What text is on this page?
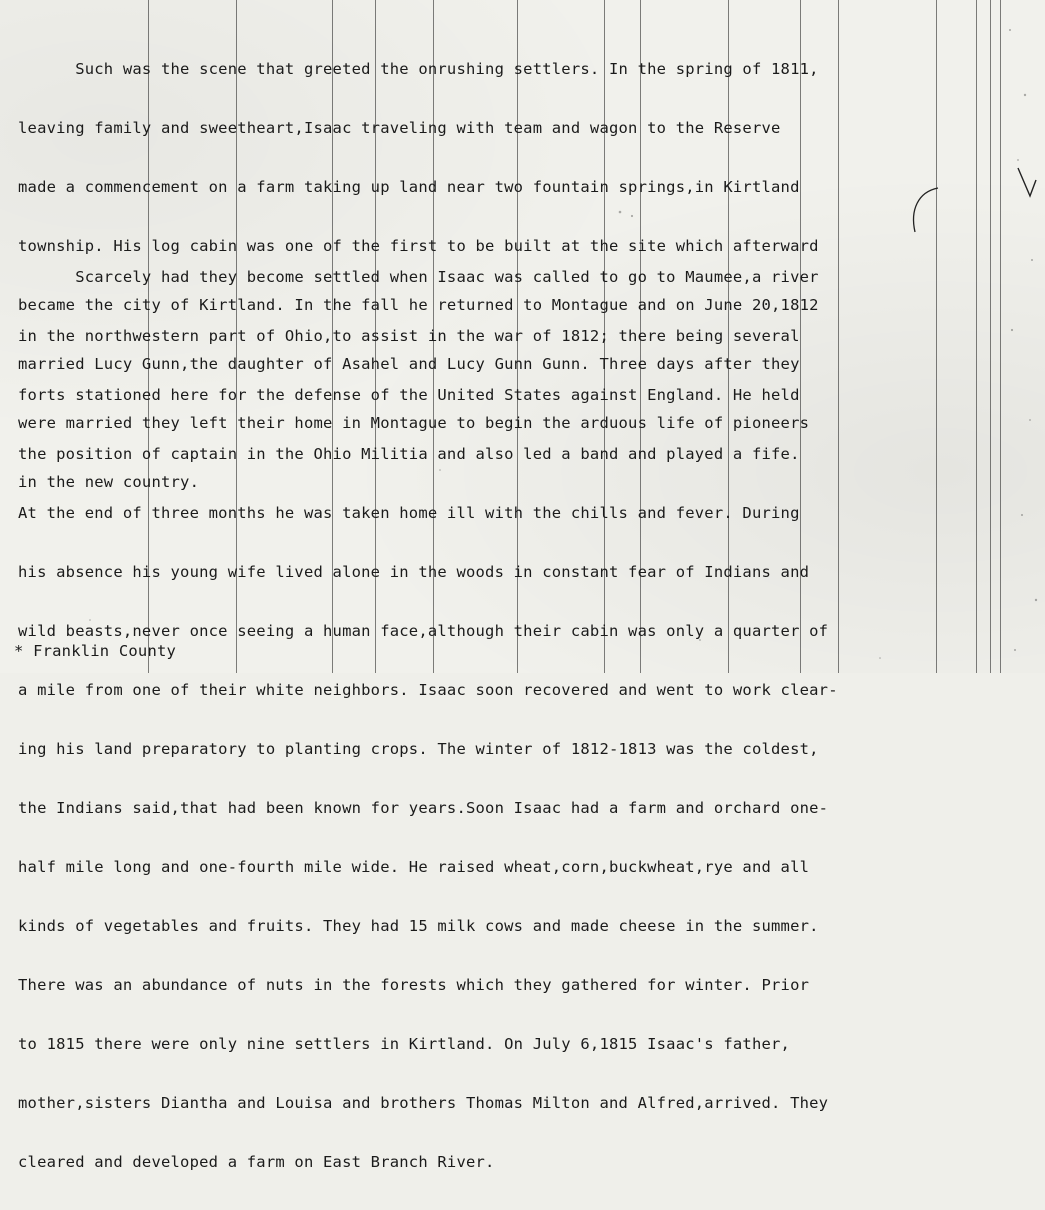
Such was the scene that greeted the onrushing settlers. In the spring of 1811,

leaving family and sweetheart,Isaac traveling with team and wagon to the Reserve

made a commencement on a farm taking up land near two fountain springs,in Kirtland

township. His log cabin was one of the first to be built at the site which afterward

became the city of Kirtland. In the fall he returned to Montague and on June 20,1812

married Lucy Gunn,the daughter of Asahel and Lucy Gunn Gunn. Three days after they

were married they left their home in Montague to begin the arduous life of pioneers

in the new country.

Scarcely had they become settled when Isaac was called to go to Maumee,a river

in the northwestern part of Ohio,to assist in the war of 1812; there being several

forts stationed here for the defense of the United States against England. He held

the position of captain in the Ohio Militia and also led a band and played a fife.

At the end of three months he was taken home ill with the chills and fever. During

his absence his young wife lived alone in the woods in constant fear of Indians and

wild beasts,never once seeing a human face,although their cabin was only a quarter of

a mile from one of their white neighbors. Isaac soon recovered and went to work clear-

ing his land preparatory to planting crops. The winter of 1812-1813 was the coldest,

the Indians said,that had been known for years.Soon Isaac had a farm and orchard one-

half mile long and one-fourth mile wide. He raised wheat,corn,buckwheat,rye and all

kinds of vegetables and fruits. They had 15 milk cows and made cheese in the summer.

There was an abundance of nuts in the forests which they gathered for winter. Prior

to 1815 there were only nine settlers in Kirtland. On July 6,1815 Isaac's father,

mother,sisters Diantha and Louisa and brothers Thomas Milton and Alfred,arrived. They

cleared and developed a farm on East Branch River.

* Franklin County
